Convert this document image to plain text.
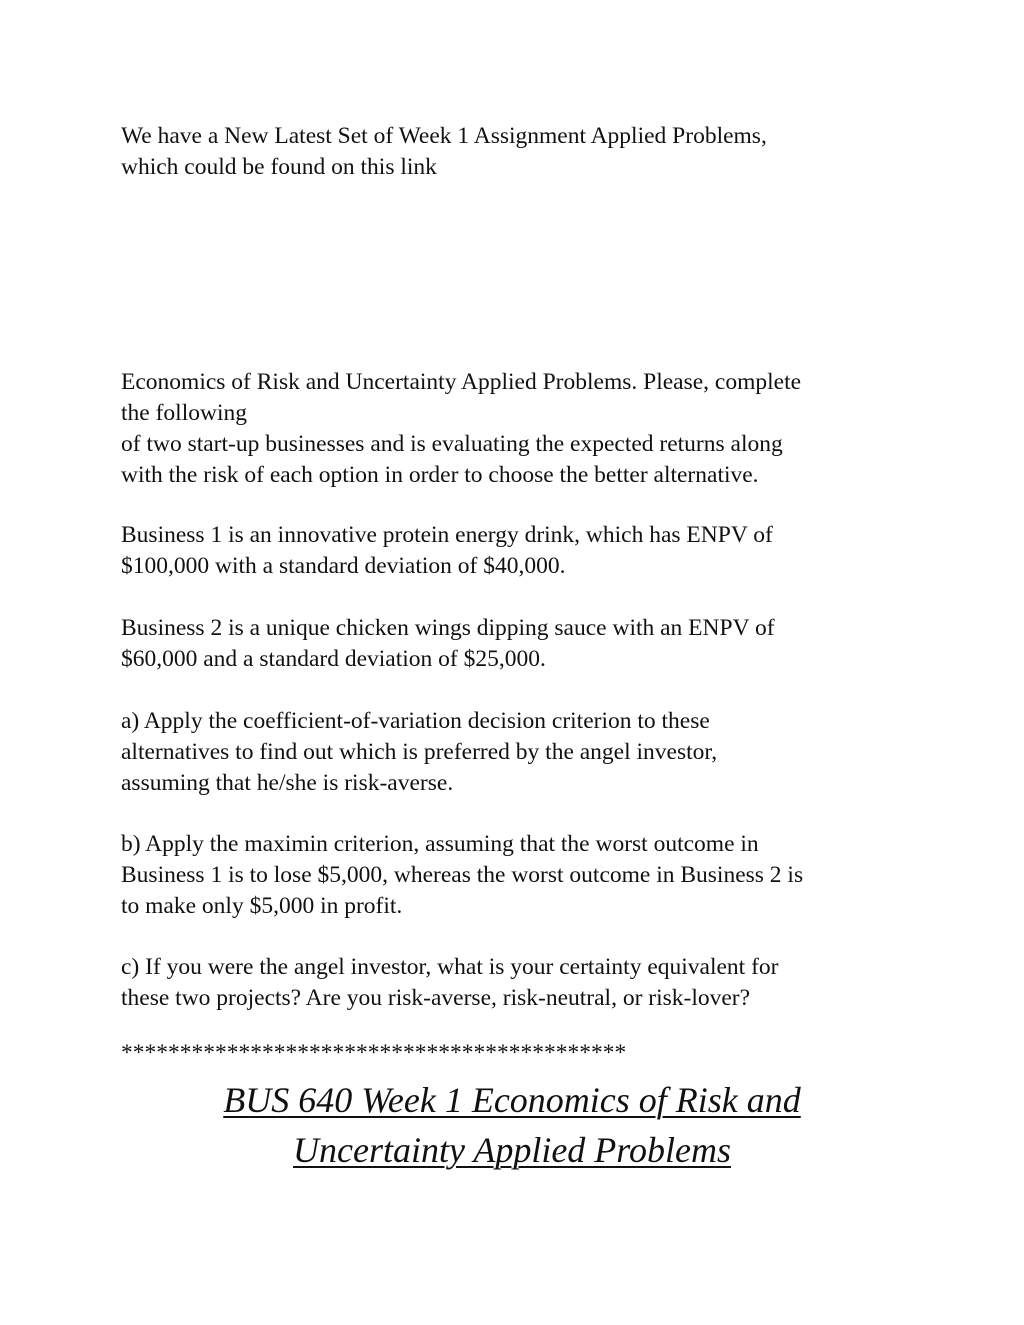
We have a New Latest Set of Week 1 Assignment Applied Problems,
which could be found on this link

Economics of Risk and Uncertainty Applied Problems. Please, complete
the following
of two start-up businesses and is evaluating the expected returns along
with the risk of each option in order to choose the better alternative.

Business 1 is an innovative protein energy drink, which has ENPV of
$100,000 with a standard deviation of $40,000.

Business 2 is a unique chicken wings dipping sauce with an ENPV of
$60,000 and a standard deviation of $25,000.

a) Apply the coefficient-of-variation decision criterion to these
alternatives to find out which is preferred by the angel investor,
assuming that he/she is risk-averse.

b) Apply the maximin criterion, assuming that the worst outcome in
Business 1 is to lose $5,000, whereas the worst outcome in Business 2 is
to make only $5,000 in profit.

c) If you were the angel investor, what is your certainty equivalent for
these two projects? Are you risk-averse, risk-neutral, or risk-lover?

*******************************************

BUS 640 Week 1 Economics of Risk and
Uncertainty Applied Problems
